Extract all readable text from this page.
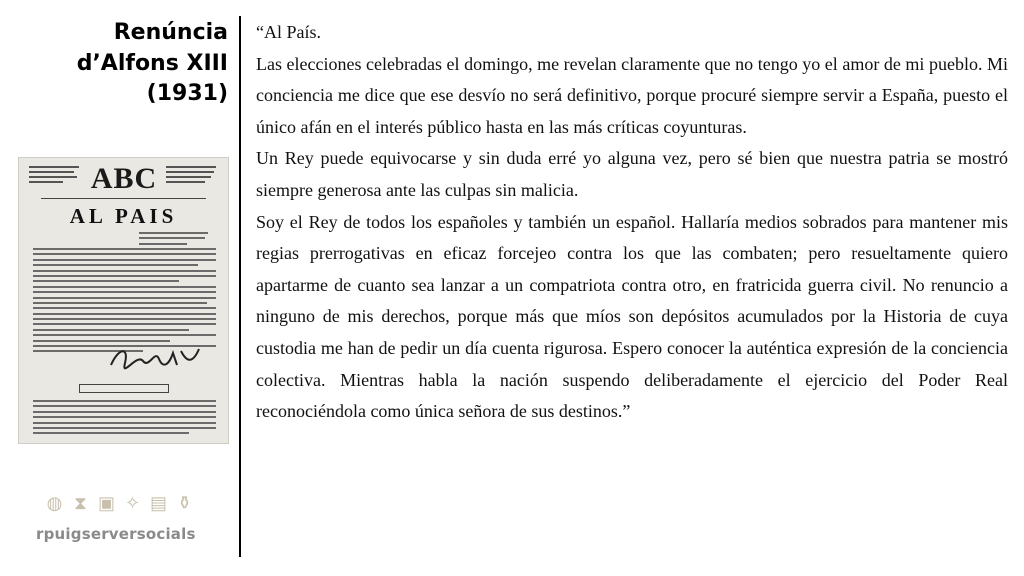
Renúncia
d’Alfons XIII
(1931)
ABC
AL PAIS
◍ ⧗ ▣ ✧ ▤ ⚱
rpuigserversocials

“Al País.

Las elecciones celebradas el domingo, me revelan claramente que no tengo yo el amor de mi pueblo. Mi conciencia me dice que ese desvío no será definitivo, porque procuré siempre servir a España, puesto el único afán en el interés público hasta en las más críticas coyunturas.

Un Rey puede equivocarse y sin duda erré yo alguna vez, pero sé bien que nuestra patria se mostró siempre generosa ante las culpas sin malicia.

Soy el Rey de todos los españoles y también un español. Hallaría medios sobrados para mantener mis regias prerrogativas en eficaz forcejeo contra los que las combaten; pero resueltamente quiero apartarme de cuanto sea lanzar a un compatriota contra otro, en fratricida guerra civil. No renuncio a ninguno de mis derechos, porque más que míos son depósitos acumulados por la Historia de cuya custodia me han de pedir un día cuenta rigurosa. Espero conocer la auténtica expresión de la conciencia colectiva. Mientras habla la nación suspendo deliberadamente el ejercicio del Poder Real reconociéndola como única señora de sus destinos.”
